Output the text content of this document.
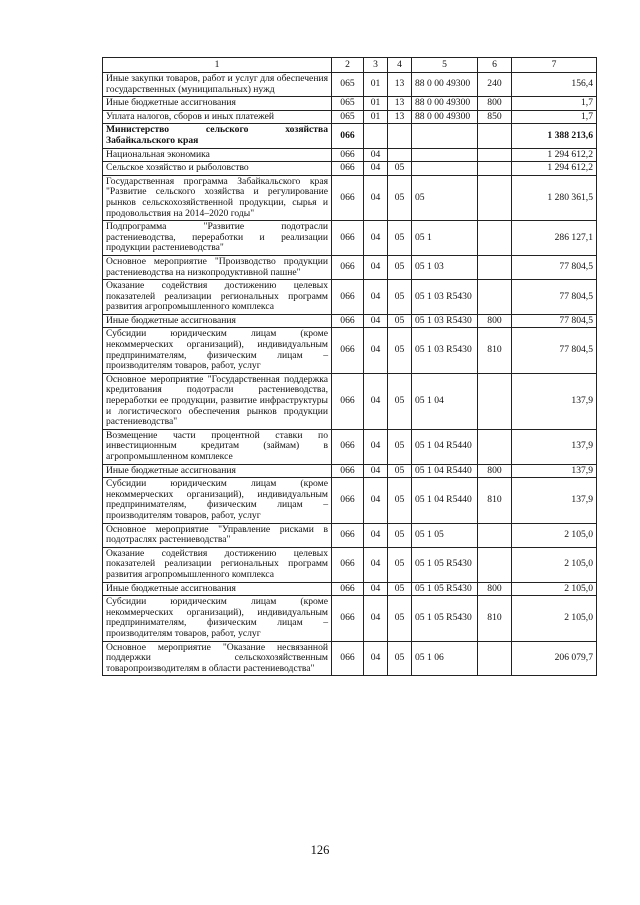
1	2	3	4	5	6	7
Иные закупки товаров, работ и услуг для обеспечения государственных (муниципальных) нужд	065	01	13	88 0 00 49300	240	156,4
Иные бюджетные ассигнования	065	01	13	88 0 00 49300	800	1,7
Уплата налогов, сборов и иных платежей	065	01	13	88 0 00 49300	850	1,7
Министерство сельского хозяйства Забайкальского края	066					1 388 213,6
Национальная экономика	066	04				1 294 612,2
Сельское хозяйство и рыболовство	066	04	05			1 294 612,2
Государственная программа Забайкальского края "Развитие сельского хозяйства и регулирование рынков сельскохозяйственной продукции, сырья и продовольствия на 2014–2020 годы"	066	04	05	05		1 280 361,5
Подпрограмма "Развитие подотрасли растениеводства, переработки и реализации продукции растениеводства"	066	04	05	05 1		286 127,1
Основное мероприятие "Производство продукции растениеводства на низкопродуктивной пашне"	066	04	05	05 1 03		77 804,5
Оказание содействия достижению целевых показателей реализации региональных программ развития агропромышленного комплекса	066	04	05	05 1 03 R5430		77 804,5
Иные бюджетные ассигнования	066	04	05	05 1 03 R5430	800	77 804,5
Субсидии юридическим лицам (кроме некоммерческих организаций), индивидуальным предпринимателям, физическим лицам – производителям товаров, работ, услуг	066	04	05	05 1 03 R5430	810	77 804,5
Основное мероприятие "Государственная поддержка кредитования подотрасли растениеводства, переработки ее продукции, развитие инфраструктуры и логистического обеспечения рынков продукции растениеводства"	066	04	05	05 1 04		137,9
Возмещение части процентной ставки по инвестиционным кредитам (займам) в агропромышленном комплексе	066	04	05	05 1 04 R5440		137,9
Иные бюджетные ассигнования	066	04	05	05 1 04 R5440	800	137,9
Субсидии юридическим лицам (кроме некоммерческих организаций), индивидуальным предпринимателям, физическим лицам – производителям товаров, работ, услуг	066	04	05	05 1 04 R5440	810	137,9
Основное мероприятие "Управление рисками в подотраслях растениеводства"	066	04	05	05 1 05		2 105,0
Оказание содействия достижению целевых показателей реализации региональных программ развития агропромышленного комплекса	066	04	05	05 1 05 R5430		2 105,0
Иные бюджетные ассигнования	066	04	05	05 1 05 R5430	800	2 105,0
Субсидии юридическим лицам (кроме некоммерческих организаций), индивидуальным предпринимателям, физическим лицам – производителям товаров, работ, услуг	066	04	05	05 1 05 R5430	810	2 105,0
Основное мероприятие "Оказание несвязанной поддержки сельскохозяйственным товаропроизводителям в области растениеводства"	066	04	05	05 1 06		206 079,7
126
